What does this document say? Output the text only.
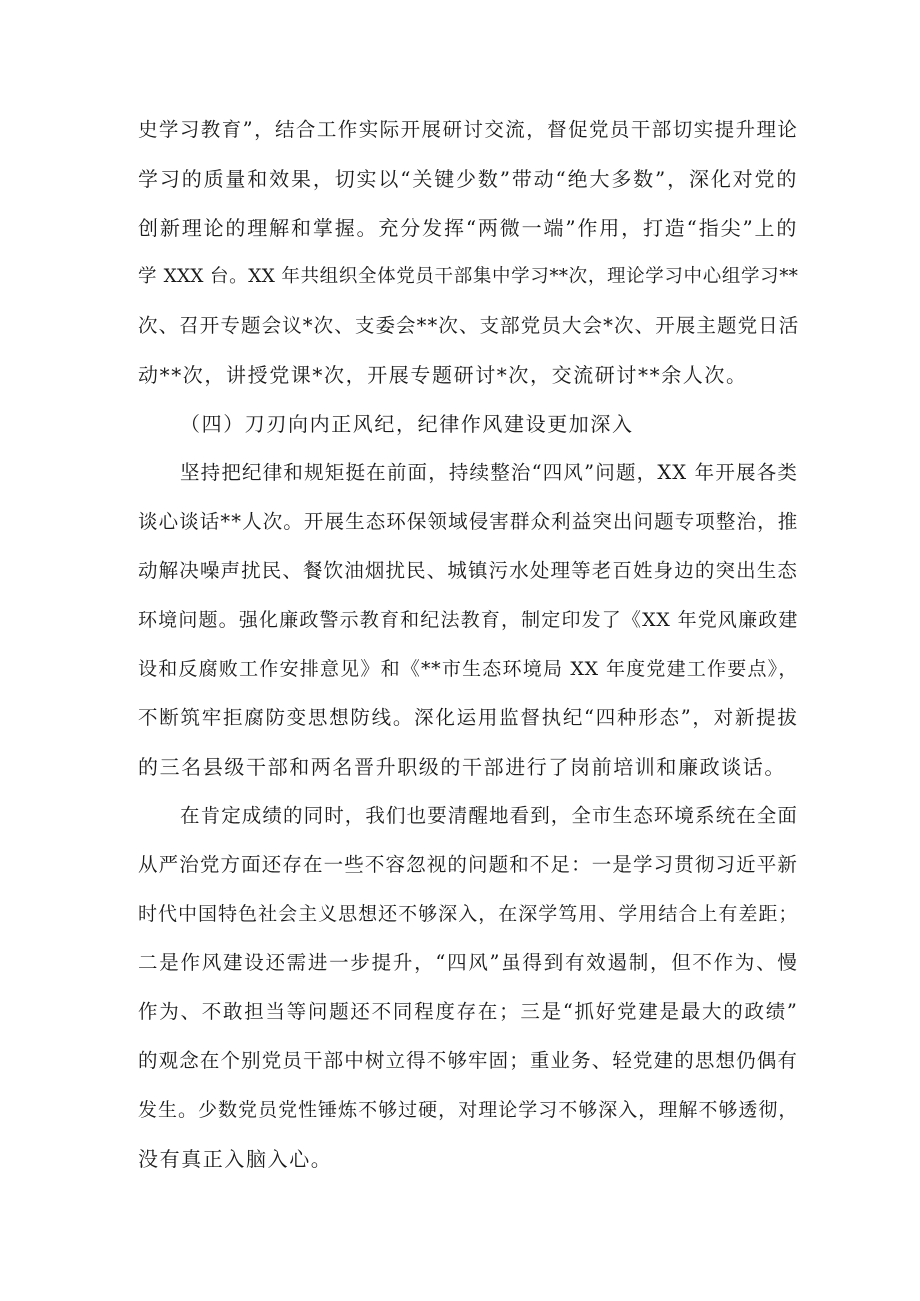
史学习教育”，结合工作实际开展研讨交流，督促党员干部切实提升理论
学习的质量和效果，切实以“关键少数”带动“绝大多数”，深化对党的
创新理论的理解和掌握。充分发挥“两微一端”作用，打造“指尖”上的
学 XXX 台。XX 年共组织全体党员干部集中学习**次，理论学习中心组学习**
次、召开专题会议*次、支委会**次、支部党员大会*次、开展主题党日活
动**次，讲授党课*次，开展专题研讨*次，交流研讨**余人次。
（四）刀刃向内正风纪，纪律作风建设更加深入
坚持把纪律和规矩挺在前面，持续整治“四风”问题，XX 年开展各类
谈心谈话**人次。开展生态环保领域侵害群众利益突出问题专项整治，推
动解决噪声扰民、餐饮油烟扰民、城镇污水处理等老百姓身边的突出生态
环境问题。强化廉政警示教育和纪法教育，制定印发了《XX 年党风廉政建
设和反腐败工作安排意见》和《**市生态环境局 XX 年度党建工作要点》，
不断筑牢拒腐防变思想防线。深化运用监督执纪“四种形态”，对新提拔
的三名县级干部和两名晋升职级的干部进行了岗前培训和廉政谈话。
在肯定成绩的同时，我们也要清醒地看到，全市生态环境系统在全面
从严治党方面还存在一些不容忽视的问题和不足：一是学习贯彻习近平新
时代中国特色社会主义思想还不够深入，在深学笃用、学用结合上有差距；
二是作风建设还需进一步提升，“四风”虽得到有效遏制，但不作为、慢
作为、不敢担当等问题还不同程度存在；三是“抓好党建是最大的政绩”
的观念在个别党员干部中树立得不够牢固；重业务、轻党建的思想仍偶有
发生。少数党员党性锤炼不够过硬，对理论学习不够深入，理解不够透彻，
没有真正入脑入心。
